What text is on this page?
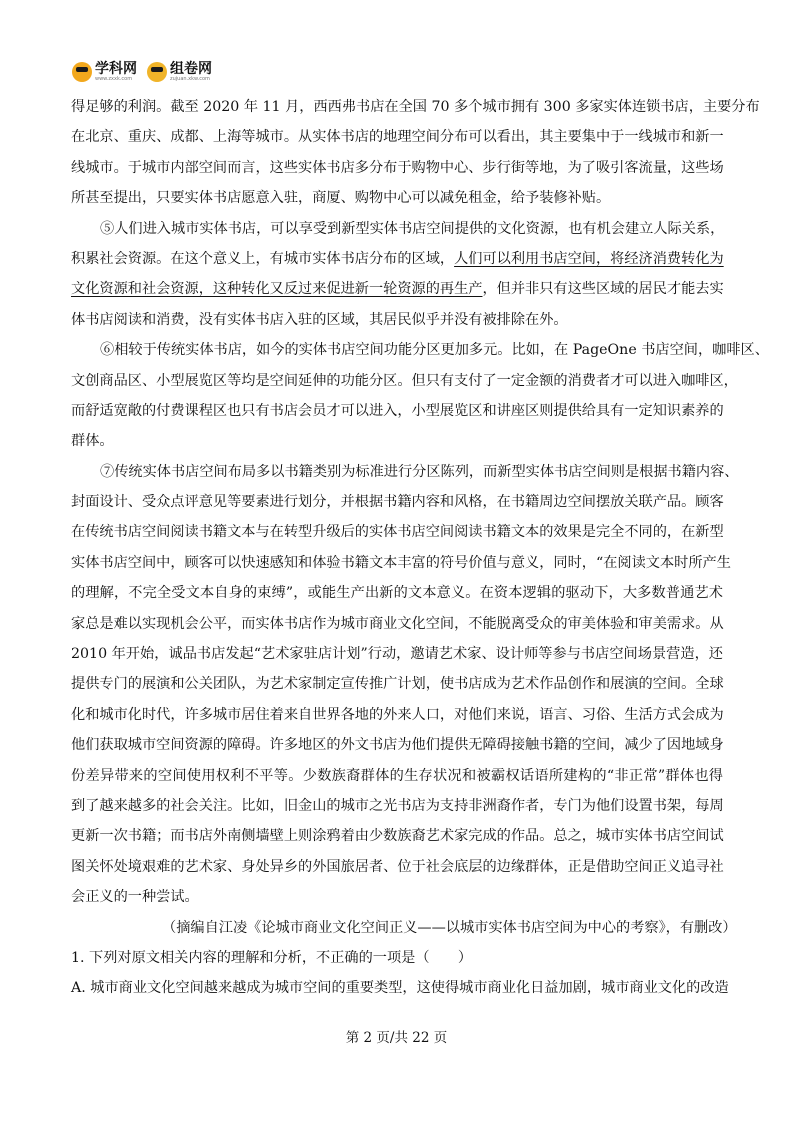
学科网
www.zxxk.com
组卷网
zujuan.xkw.com
得足够的利润。截至 2020 年 11 月，西西弗书店在全国 70 多个城市拥有 300 多家实体连锁书店，主要分布
在北京、重庆、成都、上海等城市。从实体书店的地理空间分布可以看出，其主要集中于一线城市和新一
线城市。于城市内部空间而言，这些实体书店多分布于购物中心、步行街等地，为了吸引客流量，这些场
所甚至提出，只要实体书店愿意入驻，商厦、购物中心可以减免租金，给予装修补贴。
⑤人们进入城市实体书店，可以享受到新型实体书店空间提供的文化资源，也有机会建立人际关系，
积累社会资源。在这个意义上，有城市实体书店分布的区域，人们可以利用书店空间，将经济消费转化为
文化资源和社会资源，这种转化又反过来促进新一轮资源的再生产，但并非只有这些区域的居民才能去实
体书店阅读和消费，没有实体书店入驻的区域，其居民似乎并没有被排除在外。
⑥相较于传统实体书店，如今的实体书店空间功能分区更加多元。比如，在 PageOne 书店空间，咖啡区、
文创商品区、小型展览区等均是空间延伸的功能分区。但只有支付了一定金额的消费者才可以进入咖啡区，
而舒适宽敞的付费课程区也只有书店会员才可以进入，小型展览区和讲座区则提供给具有一定知识素养的
群体。
⑦传统实体书店空间布局多以书籍类别为标准进行分区陈列，而新型实体书店空间则是根据书籍内容、
封面设计、受众点评意见等要素进行划分，并根据书籍内容和风格，在书籍周边空间摆放关联产品。顾客
在传统书店空间阅读书籍文本与在转型升级后的实体书店空间阅读书籍文本的效果是完全不同的，在新型
实体书店空间中，顾客可以快速感知和体验书籍文本丰富的符号价值与意义，同时，“在阅读文本时所产生
的理解，不完全受文本自身的束缚”，或能生产出新的文本意义。在资本逻辑的驱动下，大多数普通艺术
家总是难以实现机会公平，而实体书店作为城市商业文化空间，不能脱离受众的审美体验和审美需求。从
2010 年开始，诚品书店发起“艺术家驻店计划”行动，邀请艺术家、设计师等参与书店空间场景营造，还
提供专门的展演和公关团队，为艺术家制定宣传推广计划，使书店成为艺术作品创作和展演的空间。全球
化和城市化时代，许多城市居住着来自世界各地的外来人口，对他们来说，语言、习俗、生活方式会成为
他们获取城市空间资源的障碍。许多地区的外文书店为他们提供无障碍接触书籍的空间，减少了因地域身
份差异带来的空间使用权利不平等。少数族裔群体的生存状况和被霸权话语所建构的“非正常”群体也得
到了越来越多的社会关注。比如，旧金山的城市之光书店为支持非洲裔作者，专门为他们设置书架，每周
更新一次书籍；而书店外南侧墙壁上则涂鸦着由少数族裔艺术家完成的作品。总之，城市实体书店空间试
图关怀处境艰难的艺术家、身处异乡的外国旅居者、位于社会底层的边缘群体，正是借助空间正义追寻社
会正义的一种尝试。
（摘编自江凌《论城市商业文化空间正义——以城市实体书店空间为中心的考察》，有删改）
1. 下列对原文相关内容的理解和分析，不正确的一项是（　　）
A. 城市商业文化空间越来越成为城市空间的重要类型，这使得城市商业化日益加剧，城市商业文化的改造
第 2 页/共 22 页
